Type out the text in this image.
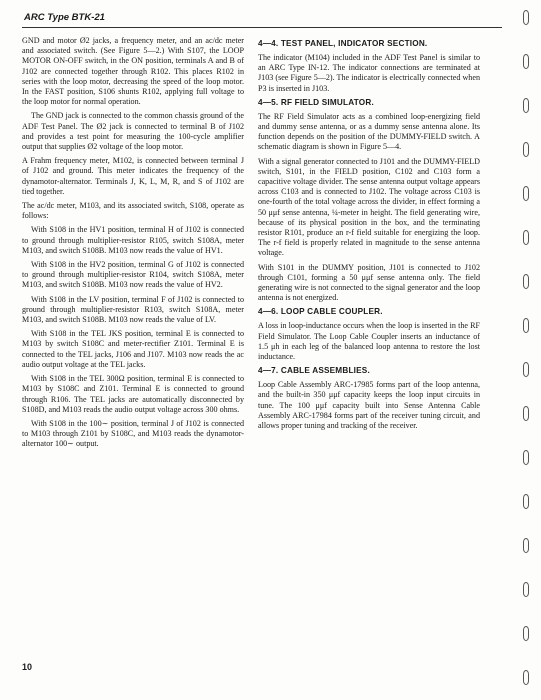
ARC Type BTK-21

GND and motor Ø2 jacks, a frequency meter, and an ac/dc meter and associated switch. (See Figure 5—2.) With S107, the LOOP MOTOR ON-OFF switch, in the ON position, terminals A and B of J102 are connected together through R102. This places R102 in series with the loop motor, decreasing the speed of the loop motor. In the FAST position, S106 shunts R102, applying full voltage to the loop motor for normal operation.

The GND jack is connected to the common chassis ground of the ADF Test Panel. The Ø2 jack is connected to terminal B of J102 and provides a test point for measuring the 100-cycle amplifier output that supplies Ø2 voltage of the loop motor.

A Frahm frequency meter, M102, is connected between terminal J of J102 and ground. This meter indicates the frequency of the dynamotor-alternator. Terminals J, K, L, M, R, and S of J102 are tied together.

The ac/dc meter, M103, and its associated switch, S108, operate as follows:

With S108 in the HV1 position, terminal H of J102 is connected to ground through multiplier-resistor R105, switch S108A, meter M103, and switch S108B. M103 now reads the value of HV1.

With S108 in the HV2 position, terminal G of J102 is connected to ground through multiplier-resistor R104, switch S108A, meter M103, and switch S108B. M103 now reads the value of HV2.

With S108 in the LV position, terminal F of J102 is connected to ground through multiplier-resistor R103, switch S108A, meter M103, and switch S108B. M103 now reads the value of LV.

With S108 in the TEL JKS position, terminal E is connected to M103 by switch S108C and meter-rectifier Z101. Terminal E is connected to the TEL jacks, J106 and J107. M103 now reads the ac audio output voltage at the TEL jacks.

With S108 in the TEL 300Ω position, terminal E is connected to M103 by S108C and Z101. Terminal E is connected to ground through R106. The TEL jacks are automatically disconnected by S108D, and M103 reads the audio output voltage across 300 ohms.

With S108 in the 100∼ position, terminal J of J102 is connected to M103 through Z101 by S108C, and M103 reads the dynamotor-alternator 100∼ output.

4—4. TEST PANEL, INDICATOR SECTION.

The indicator (M104) included in the ADF Test Panel is similar to an ARC Type IN-12. The indicator connections are terminated at J103 (see Figure 5—2). The indicator is electrically connected when P3 is inserted in J103.

4—5. RF FIELD SIMULATOR.

The RF Field Simulator acts as a combined loop-energizing field and dummy sense antenna, or as a dummy sense antenna alone. Its function depends on the position of the DUMMY-FIELD switch. A schematic diagram is shown in Figure 5—4.

With a signal generator connected to J101 and the DUMMY-FIELD switch, S101, in the FIELD position, C102 and C103 form a capacitive voltage divider. The sense antenna output voltage appears across C103 and is connected to J102. The voltage across C103 is one-fourth of the total voltage across the divider, in effect forming a 50 μμf sense antenna, ¼-meter in height. The field generating wire, because of its physical position in the box, and the terminating resistor R101, produce an r-f field suitable for energizing the loop. The r-f field is properly related in magnitude to the sense antenna voltage.

With S101 in the DUMMY position, J101 is connected to J102 through C101, forming a 50 μμf sense antenna only. The field generating wire is not connected to the signal generator and the loop antenna is not energized.

4—6. LOOP CABLE COUPLER.

A loss in loop-inductance occurs when the loop is inserted in the RF Field Simulator. The Loop Cable Coupler inserts an inductance of 1.5 μh in each leg of the balanced loop antenna to restore the lost inductance.

4—7. CABLE ASSEMBLIES.

Loop Cable Assembly ARC-17985 forms part of the loop antenna, and the built-in 350 μμf capacity keeps the loop input circuits in tune. The 100 μμf capacity built into Sense Antenna Cable Assembly ARC-17984 forms part of the receiver tuning circuit, and allows proper tuning and tracking of the receiver.

10
